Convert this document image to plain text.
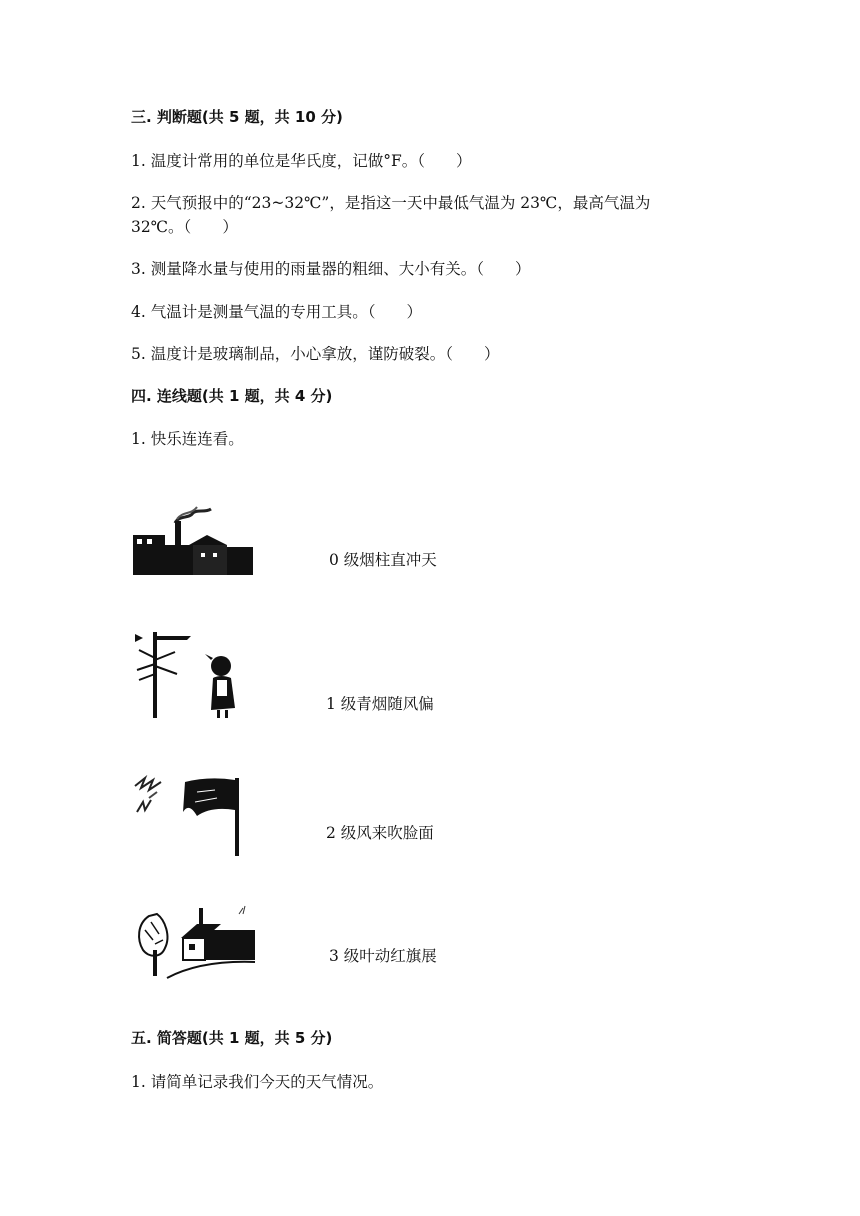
三. 判断题(共 5 题，共 10 分)
1. 温度计常用的单位是华氏度，记做°F。（　　）
2. 天气预报中的“23~32℃”，是指这一天中最低气温为 23℃，最高气温为
32℃。（　　）
3. 测量降水量与使用的雨量器的粗细、大小有关。（　　）
4. 气温计是测量气温的专用工具。（　　）
5. 温度计是玻璃制品，小心拿放，谨防破裂。（　　）
四. 连线题(共 1 题，共 4 分)
1. 快乐连连看。
0 级烟柱直冲天
1 级青烟随风偏
2 级风来吹脸面
3 级叶动红旗展
五. 简答题(共 1 题，共 5 分)
1. 请简单记录我们今天的天气情况。
